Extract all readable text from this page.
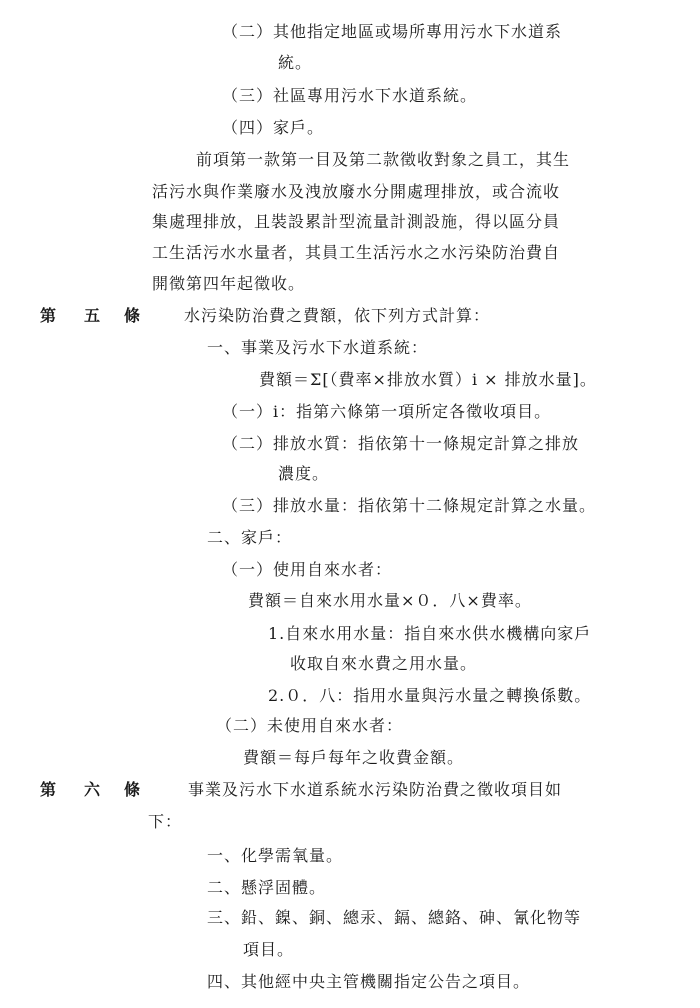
（二）其他指定地區或場所專用污水下水道系
統。
（三）社區專用污水下水道系統。
（四）家戶。
前項第一款第一目及第二款徵收對象之員工，其生
活污水與作業廢水及洩放廢水分開處理排放，或合流收
集處理排放，且裝設累計型流量計測設施，得以區分員
工生活污水水量者，其員工生活污水之水污染防治費自
開徵第四年起徵收。
第 五 條	水污染防治費之費額，依下列方式計算：
一、事業及污水下水道系統：
費額＝Σ[（費率×排放水質）i × 排放水量]。
（一）i：指第六條第一項所定各徵收項目。
（二）排放水質：指依第十一條規定計算之排放
濃度。
（三）排放水量：指依第十二條規定計算之水量。
二、家戶：
（一）使用自來水者：
費額＝自來水用水量×０．八×費率。
1.自來水用水量：指自來水供水機構向家戶
收取自來水費之用水量。
2.０．八：指用水量與污水量之轉換係數。
（二）未使用自來水者：
費額＝每戶每年之收費金額。
第 六 條	事業及污水下水道系統水污染防治費之徵收項目如
下：
一、化學需氧量。
二、懸浮固體。
三、鉛、鎳、銅、總汞、鎘、總鉻、砷、氰化物等
項目。
四、其他經中央主管機關指定公告之項目。
